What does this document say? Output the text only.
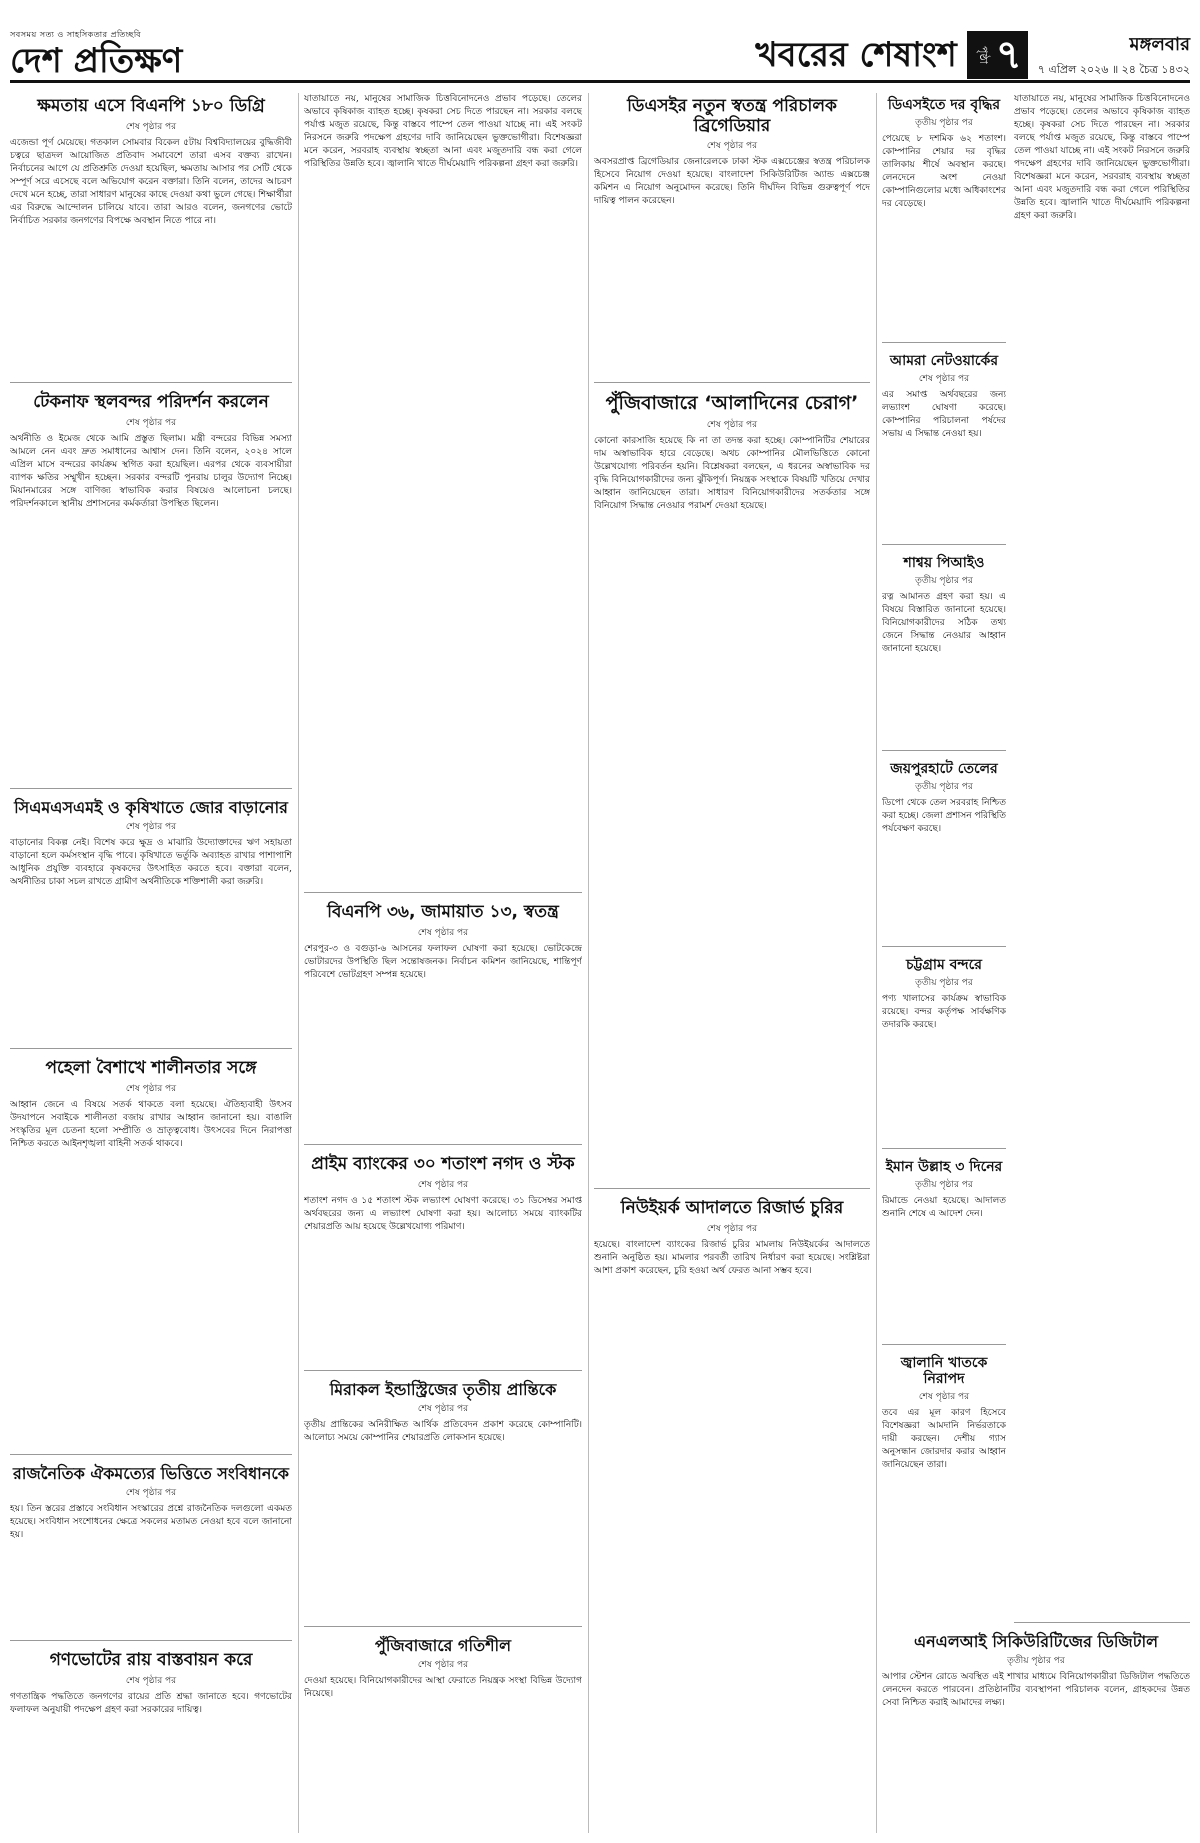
সবসময় সত্য ও সাহসিকতার প্রতিচ্ছবি
দেশ প্রতিক্ষণ	খবরের শেষাংশ	পৃষ্ঠা ৭	মঙ্গলবার
৭ এপ্রিল ২০২৬ ॥ ২৪ চৈত্র ১৪৩২
ক্ষমতায় এসে বিএনপি ১৮০ ডিগ্রি
শেষ পৃষ্ঠার পর
এজেন্ডা পূর্ণ মেয়েছে। গতকাল সোমবার বিকেল ৫টায় বিশ্ববিদ্যালয়ের বুদ্ধিজীবী চত্বরে ছাত্রদল আয়োজিত প্রতিবাদ সমাবেশে তারা এসব বক্তব্য রাখেন। নির্বাচনের আগে যে প্রতিশ্রুতি দেওয়া হয়েছিল, ক্ষমতায় আসার পর সেটি থেকে সম্পূর্ণ সরে এসেছে বলে অভিযোগ করেন বক্তারা। তিনি বলেন, তাদের আচরণ দেখে মনে হচ্ছে, তারা সাধারণ মানুষের কাছে দেওয়া কথা ভুলে গেছে। শিক্ষার্থীরা এর বিরুদ্ধে আন্দোলন চালিয়ে যাবে। তারা আরও বলেন, জনগণের ভোটে নির্বাচিত সরকার জনগণের বিপক্ষে অবস্থান নিতে পারে না।
টেকনাফ স্থলবন্দর পরিদর্শন করলেন
শেষ পৃষ্ঠার পর
অর্থনীতি ও ইমেজ থেকে আমি প্রস্তুত ছিলাম। মন্ত্রী বন্দরের বিভিন্ন সমস্যা আমলে নেন এবং দ্রুত সমাধানের আশ্বাস দেন। তিনি বলেন, ২০২৪ সালে এপ্রিল মাসে বন্দরের কার্যক্রম স্থগিত করা হয়েছিল। এরপর থেকে ব্যবসায়ীরা ব্যাপক ক্ষতির সম্মুখীন হচ্ছেন। সরকার বন্দরটি পুনরায় চালুর উদ্যোগ নিচ্ছে। মিয়ানমারের সঙ্গে বাণিজ্য স্বাভাবিক করার বিষয়েও আলোচনা চলছে। পরিদর্শনকালে স্থানীয় প্রশাসনের কর্মকর্তারা উপস্থিত ছিলেন।
সিএমএসএমই ও কৃষিখাতে জোর বাড়ানোর
শেষ পৃষ্ঠার পর
বাড়ানোর বিকল্প নেই। বিশেষ করে ক্ষুদ্র ও মাঝারি উদ্যোক্তাদের ঋণ সহায়তা বাড়ানো হলে কর্মসংস্থান বৃদ্ধি পাবে। কৃষিখাতে ভর্তুকি অব্যাহত রাখার পাশাপাশি আধুনিক প্রযুক্তি ব্যবহারে কৃষকদের উৎসাহিত করতে হবে। বক্তারা বলেন, অর্থনীতির চাকা সচল রাখতে গ্রামীণ অর্থনীতিকে শক্তিশালী করা জরুরি।
পহেলা বৈশাখে শালীনতার সঙ্গে
শেষ পৃষ্ঠার পর
আহ্বান জেনে এ বিষয়ে সতর্ক থাকতে বলা হয়েছে। ঐতিহ্যবাহী উৎসব উদযাপনে সবাইকে শালীনতা বজায় রাখার আহ্বান জানানো হয়। বাঙালি সংস্কৃতির মূল চেতনা হলো সম্প্রীতি ও ভ্রাতৃত্ববোধ। উৎসবের দিনে নিরাপত্তা নিশ্চিত করতে আইনশৃঙ্খলা বাহিনী সতর্ক থাকবে।
রাজনৈতিক ঐকমত্যের ভিত্তিতে সংবিধানকে
শেষ পৃষ্ঠার পর
হয়। তিন স্তরের প্রস্তাবে সংবিধান সংস্কারের প্রশ্নে রাজনৈতিক দলগুলো একমত হয়েছে। সংবিধান সংশোধনের ক্ষেত্রে সকলের মতামত নেওয়া হবে বলে জানানো হয়।
গণভোটের রায় বাস্তবায়ন করে
শেষ পৃষ্ঠার পর
গণতান্ত্রিক পদ্ধতিতে জনগণের রায়ের প্রতি শ্রদ্ধা জানাতে হবে। গণভোটের ফলাফল অনুযায়ী পদক্ষেপ গ্রহণ করা সরকারের দায়িত্ব।
যাতায়াতে নয়, মানুষের সামাজিক চিত্তবিনোদনেও প্রভাব পড়েছে। তেলের অভাবে কৃষিকাজ ব্যাহত হচ্ছে। কৃষকরা সেচ দিতে পারছেন না। সরকার বলছে পর্যাপ্ত মজুত রয়েছে, কিন্তু বাস্তবে পাম্পে তেল পাওয়া যাচ্ছে না। এই সংকট নিরসনে জরুরি পদক্ষেপ গ্রহণের দাবি জানিয়েছেন ভুক্তভোগীরা। বিশেষজ্ঞরা মনে করেন, সরবরাহ ব্যবস্থায় স্বচ্ছতা আনা এবং মজুতদারি বন্ধ করা গেলে পরিস্থিতির উন্নতি হবে। জ্বালানি খাতে দীর্ঘমেয়াদি পরিকল্পনা গ্রহণ করা জরুরি।
বিএনপি ৩৬, জামায়াত ১৩, স্বতন্ত্র
শেষ পৃষ্ঠার পর
শেরপুর-৩ ও বগুড়া-৬ আসনের ফলাফল ঘোষণা করা হয়েছে। ভোটকেন্দ্রে ভোটারদের উপস্থিতি ছিল সন্তোষজনক। নির্বাচন কমিশন জানিয়েছে, শান্তিপূর্ণ পরিবেশে ভোটগ্রহণ সম্পন্ন হয়েছে।
প্রাইম ব্যাংকের ৩০ শতাংশ নগদ ও স্টক
শেষ পৃষ্ঠার পর
শতাংশ নগদ ও ১৫ শতাংশ স্টক লভ্যাংশ ঘোষণা করেছে। ৩১ ডিসেম্বর সমাপ্ত অর্থবছরের জন্য এ লভ্যাংশ ঘোষণা করা হয়। আলোচ্য সময়ে ব্যাংকটির শেয়ারপ্রতি আয় হয়েছে উল্লেখযোগ্য পরিমাণ।
মিরাকল ইন্ডাস্ট্রিজের তৃতীয় প্রান্তিকে
শেষ পৃষ্ঠার পর
তৃতীয় প্রান্তিকের অনিরীক্ষিত আর্থিক প্রতিবেদন প্রকাশ করেছে কোম্পানিটি। আলোচ্য সময়ে কোম্পানির শেয়ারপ্রতি লোকসান হয়েছে।
পুঁজিবাজারে গতিশীল
শেষ পৃষ্ঠার পর
দেওয়া হয়েছে। বিনিয়োগকারীদের আস্থা ফেরাতে নিয়ন্ত্রক সংস্থা বিভিন্ন উদ্যোগ নিয়েছে।
ডিএসইর নতুন স্বতন্ত্র পরিচালক ব্রিগেডিয়ার
শেষ পৃষ্ঠার পর
অবসরপ্রাপ্ত ব্রিগেডিয়ার জেনারেলকে ঢাকা স্টক এক্সচেঞ্জের স্বতন্ত্র পরিচালক হিসেবে নিয়োগ দেওয়া হয়েছে। বাংলাদেশ সিকিউরিটিজ অ্যান্ড এক্সচেঞ্জ কমিশন এ নিয়োগ অনুমোদন করেছে। তিনি দীর্ঘদিন বিভিন্ন গুরুত্বপূর্ণ পদে দায়িত্ব পালন করেছেন।
পুঁজিবাজারে ‘আলাদিনের চেরাগ’
শেষ পৃষ্ঠার পর
কোনো কারসাজি হয়েছে কি না তা তদন্ত করা হচ্ছে। কোম্পানিটির শেয়ারের দাম অস্বাভাবিক হারে বেড়েছে। অথচ কোম্পানির মৌলভিত্তিতে কোনো উল্লেখযোগ্য পরিবর্তন হয়নি। বিশ্লেষকরা বলছেন, এ ধরনের অস্বাভাবিক দর বৃদ্ধি বিনিয়োগকারীদের জন্য ঝুঁকিপূর্ণ। নিয়ন্ত্রক সংস্থাকে বিষয়টি খতিয়ে দেখার আহ্বান জানিয়েছেন তারা। সাধারণ বিনিয়োগকারীদের সতর্কতার সঙ্গে বিনিয়োগ সিদ্ধান্ত নেওয়ার পরামর্শ দেওয়া হয়েছে।
নিউইয়র্ক আদালতে রিজার্ভ চুরির
শেষ পৃষ্ঠার পর
হয়েছে। বাংলাদেশ ব্যাংকের রিজার্ভ চুরির মামলায় নিউইয়র্কের আদালতে শুনানি অনুষ্ঠিত হয়। মামলার পরবর্তী তারিখ নির্ধারণ করা হয়েছে। সংশ্লিষ্টরা আশা প্রকাশ করেছেন, চুরি হওয়া অর্থ ফেরত আনা সম্ভব হবে।
ডিএসইতে দর বৃদ্ধির
তৃতীয় পৃষ্ঠার পর
পেয়েছে ৮ দশমিক ৬২ শতাংশ। কোম্পানির শেয়ার দর বৃদ্ধির তালিকায় শীর্ষে অবস্থান করছে। লেনদেনে অংশ নেওয়া কোম্পানিগুলোর মধ্যে অধিকাংশের দর বেড়েছে।
আমরা নেটওয়ার্কের
শেষ পৃষ্ঠার পর
এর সমাপ্ত অর্থবছরের জন্য লভ্যাংশ ঘোষণা করেছে। কোম্পানির পরিচালনা পর্ষদের সভায় এ সিদ্ধান্ত নেওয়া হয়।
শাশ্বয় পিআইও
তৃতীয় পৃষ্ঠার পর
রত্ন আমানত গ্রহণ করা হয়। এ বিষয়ে বিস্তারিত জানানো হয়েছে। বিনিয়োগকারীদের সঠিক তথ্য জেনে সিদ্ধান্ত নেওয়ার আহ্বান জানানো হয়েছে।
জয়পুরহাটে তেলের
তৃতীয় পৃষ্ঠার পর
ডিপো থেকে তেল সরবরাহ নিশ্চিত করা হচ্ছে। জেলা প্রশাসন পরিস্থিতি পর্যবেক্ষণ করছে।
চট্টগ্রাম বন্দরে
তৃতীয় পৃষ্ঠার পর
পণ্য খালাসের কার্যক্রম স্বাভাবিক রয়েছে। বন্দর কর্তৃপক্ষ সার্বক্ষণিক তদারকি করছে।
ইমান উল্লাহ ৩ দিনের
তৃতীয় পৃষ্ঠার পর
রিমান্ডে নেওয়া হয়েছে। আদালত শুনানি শেষে এ আদেশ দেন।
জ্বালানি খাতকে নিরাপদ
শেষ পৃষ্ঠার পর
তবে এর মূল কারণ হিসেবে বিশেষজ্ঞরা আমদানি নির্ভরতাকে দায়ী করছেন। দেশীয় গ্যাস অনুসন্ধান জোরদার করার আহ্বান জানিয়েছেন তারা।
যাতায়াতে নয়, মানুষের সামাজিক চিত্তবিনোদনেও প্রভাব পড়েছে। তেলের অভাবে কৃষিকাজ ব্যাহত হচ্ছে। কৃষকরা সেচ দিতে পারছেন না। সরকার বলছে পর্যাপ্ত মজুত রয়েছে, কিন্তু বাস্তবে পাম্পে তেল পাওয়া যাচ্ছে না। এই সংকট নিরসনে জরুরি পদক্ষেপ গ্রহণের দাবি জানিয়েছেন ভুক্তভোগীরা। বিশেষজ্ঞরা মনে করেন, সরবরাহ ব্যবস্থায় স্বচ্ছতা আনা এবং মজুতদারি বন্ধ করা গেলে পরিস্থিতির উন্নতি হবে। জ্বালানি খাতে দীর্ঘমেয়াদি পরিকল্পনা গ্রহণ করা জরুরি।
এনএলআই সিকিউরিটিজের ডিজিটাল
তৃতীয় পৃষ্ঠার পর
আপার স্টেশন রোডে অবস্থিত এই শাখার মাধ্যমে বিনিয়োগকারীরা ডিজিটাল পদ্ধতিতে লেনদেন করতে পারবেন। প্রতিষ্ঠানটির ব্যবস্থাপনা পরিচালক বলেন, গ্রাহকদের উন্নত সেবা নিশ্চিত করাই আমাদের লক্ষ্য।
